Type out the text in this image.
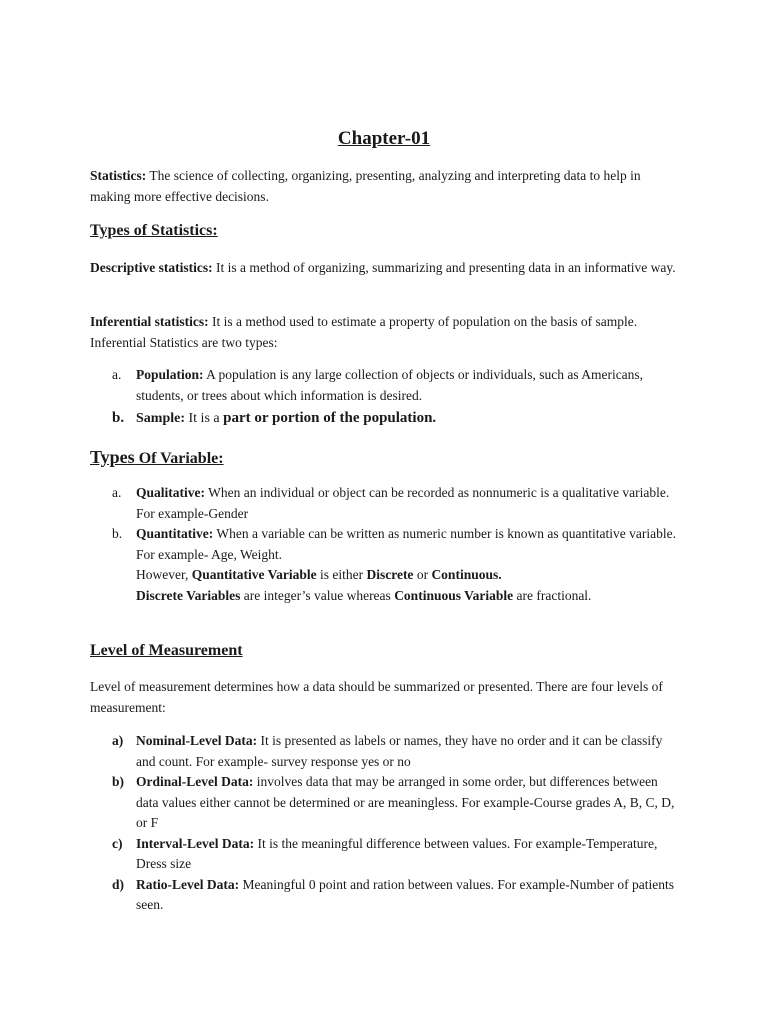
Chapter-01
Statistics: The science of collecting, organizing, presenting, analyzing and interpreting data to help in making more effective decisions.
Types of Statistics:
Descriptive statistics: It is a method of organizing, summarizing and presenting data in an informative way.
Inferential statistics: It is a method used to estimate a property of population on the basis of sample. Inferential Statistics are two types:
a.	Population: A population is any large collection of objects or individuals, such as Americans, students, or trees about which information is desired.
b. Sample: It is a part or portion of the population.
Types Of Variable:
a.	Qualitative: When an individual or object can be recorded as nonnumeric is a qualitative variable. For example-Gender
b.	Quantitative: When a variable can be written as numeric number is known as quantitative variable. For example- Age, Weight.
However, Quantitative Variable is either Discrete or Continuous.
Discrete Variables are integer’s value whereas Continuous Variable are fractional.
Level of Measurement
Level of measurement determines how a data should be summarized or presented. There are four levels of measurement:
a) Nominal-Level Data: It is presented as labels or names, they have no order and it can be classify and count. For example- survey response yes or no
b) Ordinal-Level Data: involves data that may be arranged in some order, but differences between data values either cannot be determined or are meaningless. For example-Course grades A, B, C, D, or F
c)	Interval-Level Data: It is the meaningful difference between values. For example-Temperature, Dress size
d) Ratio-Level Data: Meaningful 0 point and ration between values. For example-Number of patients seen.
